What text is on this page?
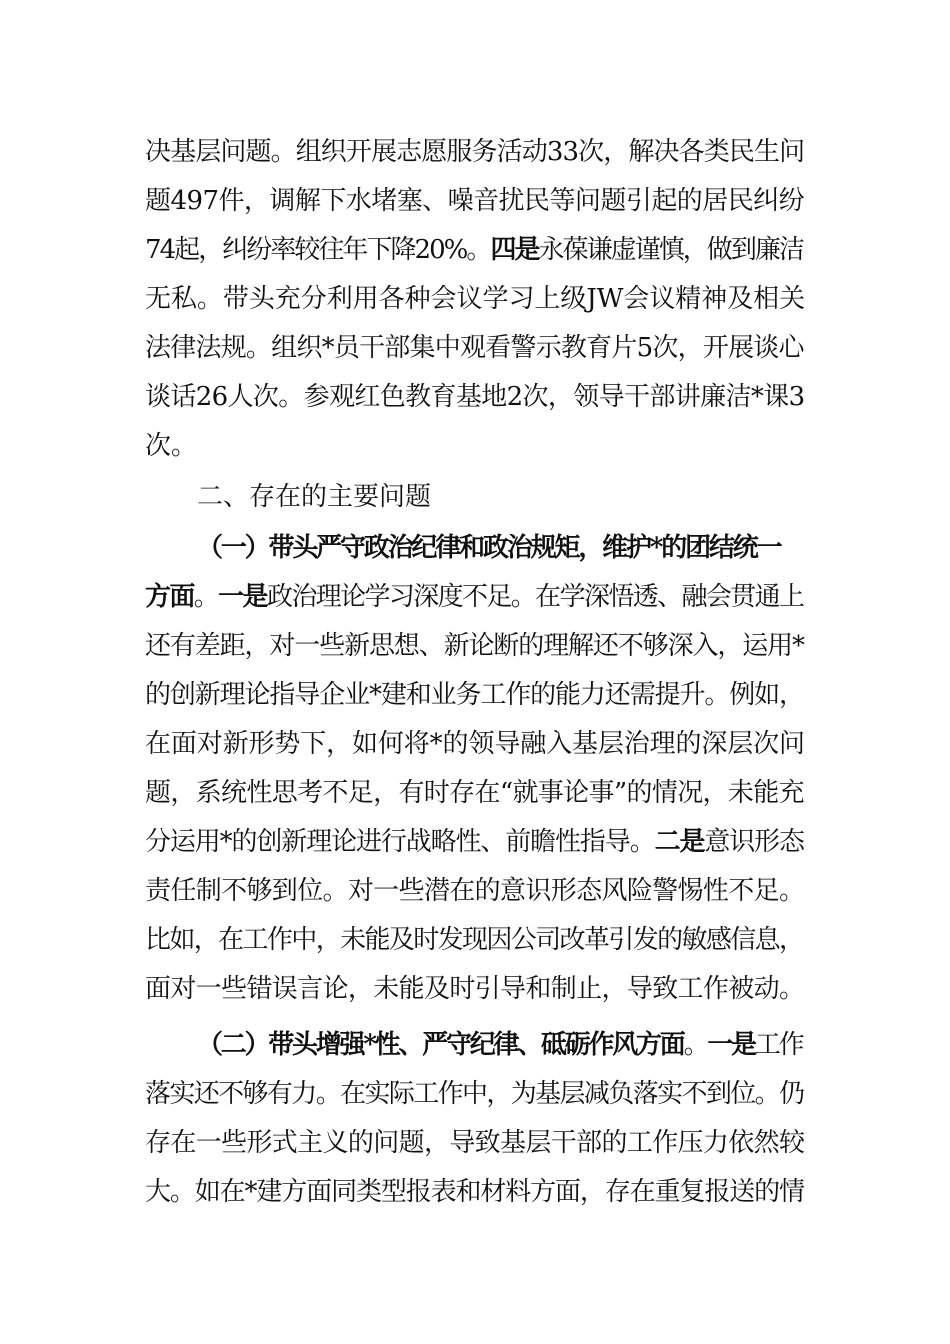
决基层问题。组织开展志愿服务活动33次，解决各类民生问
题497件，调解下水堵塞、噪音扰民等问题引起的居民纠纷
74起，纠纷率较往年下降20%。四是永葆谦虚谨慎，做到廉洁
无私。带头充分利用各种会议学习上级JW会议精神及相关
法律法规。组织*员干部集中观看警示教育片5次，开展谈心
谈话26人次。参观红色教育基地2次，领导干部讲廉洁*课3
次。
二、存在的主要问题
（一）带头严守政治纪律和政治规矩，维护*的团结统一
方面。一是政治理论学习深度不足。在学深悟透、融会贯通上
还有差距，对一些新思想、新论断的理解还不够深入，运用*
的创新理论指导企业*建和业务工作的能力还需提升。例如，
在面对新形势下，如何将*的领导融入基层治理的深层次问
题，系统性思考不足，有时存在“就事论事”的情况，未能充
分运用*的创新理论进行战略性、前瞻性指导。二是意识形态
责任制不够到位。对一些潜在的意识形态风险警惕性不足。
比如，在工作中，未能及时发现因公司改革引发的敏感信息，
面对一些错误言论，未能及时引导和制止，导致工作被动。
（二）带头增强*性、严守纪律、砥砺作风方面。一是工作
落实还不够有力。在实际工作中，为基层减负落实不到位。仍
存在一些形式主义的问题，导致基层干部的工作压力依然较
大。如在*建方面同类型报表和材料方面，存在重复报送的情
